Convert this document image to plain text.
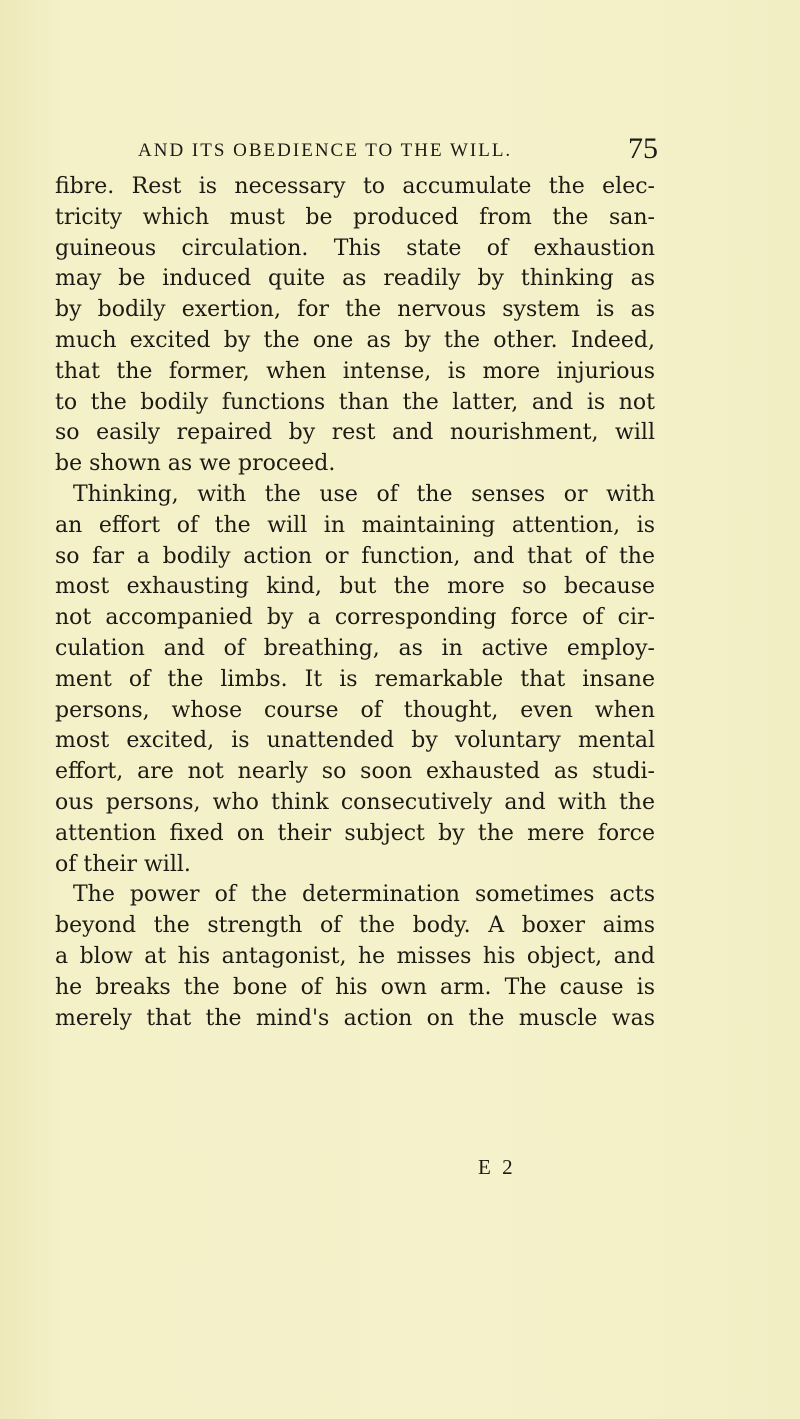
AND ITS OBEDIENCE TO THE WILL.	75
fibre. Rest is necessary to accumulate the elec-
tricity which must be produced from the san-
guineous circulation. This state of exhaustion
may be induced quite as readily by thinking as
by bodily exertion, for the nervous system is as
much excited by the one as by the other. Indeed,
that the former, when intense, is more injurious
to the bodily functions than the latter, and is not
so easily repaired by rest and nourishment, will
be shown as we proceed.
Thinking, with the use of the senses or with
an effort of the will in maintaining attention, is
so far a bodily action or function, and that of the
most exhausting kind, but the more so because
not accompanied by a corresponding force of cir-
culation and of breathing, as in active employ-
ment of the limbs. It is remarkable that insane
persons, whose course of thought, even when
most excited, is unattended by voluntary mental
effort, are not nearly so soon exhausted as studi-
ous persons, who think consecutively and with the
attention fixed on their subject by the mere force
of their will.
The power of the determination sometimes acts
beyond the strength of the body. A boxer aims
a blow at his antagonist, he misses his object, and
he breaks the bone of his own arm. The cause is
merely that the mind's action on the muscle was
E 2
